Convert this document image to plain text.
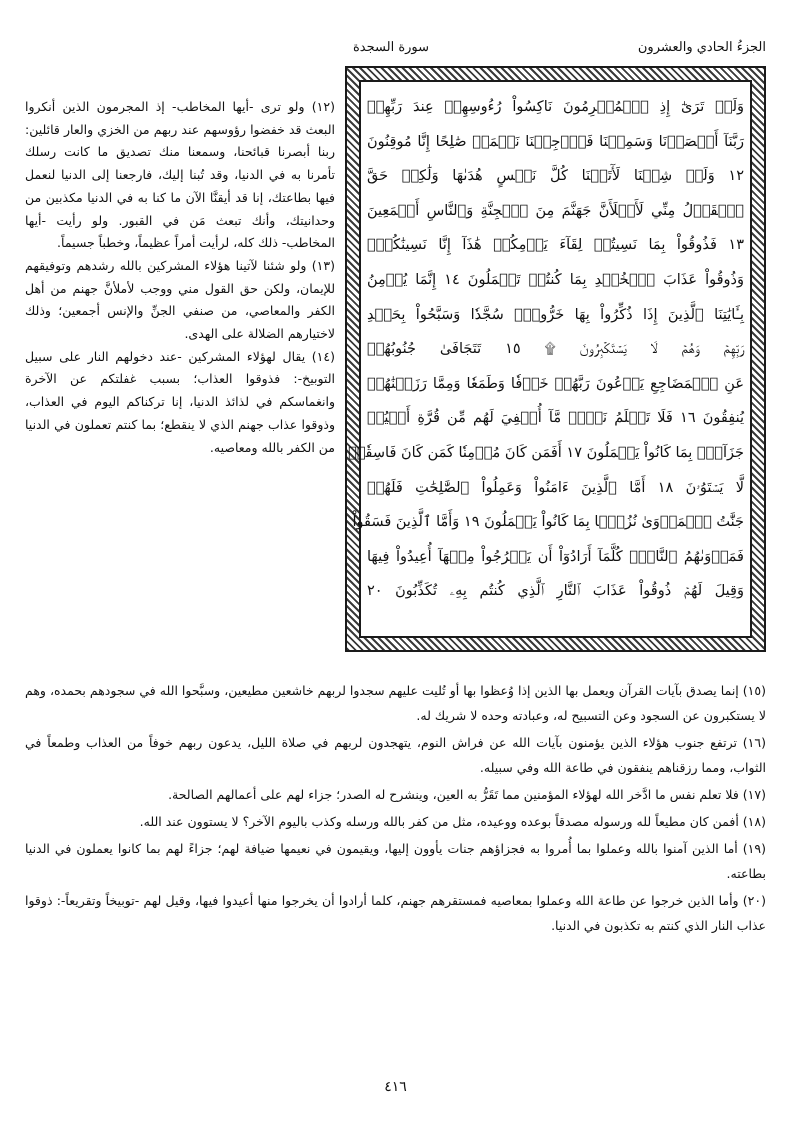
الجزءُ الحادي والعشرون
سورة السجدة
وَلَوۡ تَرَىٰٓ إِذِ ٱلۡمُجۡرِمُونَ نَاكِسُواْ رُءُوسِهِمۡ عِندَ رَبِّهِمۡ
رَبَّنَآ أَبۡصَرۡنَا وَسَمِعۡنَا فَٱرۡجِعۡنَا نَعۡمَلۡ صَٰلِحًا إِنَّا مُوقِنُونَ
١٢ وَلَوۡ شِئۡنَا لَأٓتَيۡنَا كُلَّ نَفۡسٍ هُدَىٰهَا وَلَٰكِنۡ حَقَّ
ٱلۡقَوۡلُ مِنِّي لَأَمۡلَأَنَّ جَهَنَّمَ مِنَ ٱلۡجِنَّةِ وَٱلنَّاسِ أَجۡمَعِينَ
١٣ فَذُوقُواْ بِمَا نَسِيتُمۡ لِقَآءَ يَوۡمِكُمۡ هَٰذَآ إِنَّا نَسِينَٰكُمۡۖ
وَذُوقُواْ عَذَابَ ٱلۡخُلۡدِ بِمَا كُنتُمۡ تَعۡمَلُونَ ١٤ إِنَّمَا يُؤۡمِنُ
بِـَٔايَٰتِنَا ٱلَّذِينَ إِذَا ذُكِّرُواْ بِهَا خَرُّواْۤ سُجَّدٗا وَسَبَّحُواْ بِحَمۡدِ
رَبِّهِمۡ وَهُمۡ لَا يَسۡتَكۡبِرُونَ ۩ ١٥ تَتَجَافَىٰ جُنُوبُهُمۡ
عَنِ ٱلۡمَضَاجِعِ يَدۡعُونَ رَبَّهُمۡ خَوۡفٗا وَطَمَعٗا وَمِمَّا رَزَقۡنَٰهُمۡ
يُنفِقُونَ ١٦ فَلَا تَعۡلَمُ نَفۡسٞ مَّآ أُخۡفِيَ لَهُم مِّن قُرَّةِ أَعۡيُنٖ
جَزَآءَۢ بِمَا كَانُواْ يَعۡمَلُونَ ١٧ أَفَمَن كَانَ مُؤۡمِنٗا كَمَن كَانَ فَاسِقٗاۚ
لَّا يَسۡتَوُۥنَ ١٨ أَمَّا ٱلَّذِينَ ءَامَنُواْ وَعَمِلُواْ ٱلصَّٰلِحَٰتِ فَلَهُمۡ
جَنَّٰتُ ٱلۡمَأۡوَىٰ نُزُلَۢا بِمَا كَانُواْ يَعۡمَلُونَ ١٩ وَأَمَّا ٱلَّذِينَ فَسَقُواْ
فَمَأۡوَىٰهُمُ ٱلنَّارُۖ كُلَّمَآ أَرَادُوٓاْ أَن يَخۡرُجُواْ مِنۡهَآ أُعِيدُواْ فِيهَا
وَقِيلَ لَهُمۡ ذُوقُواْ عَذَابَ ٱلنَّارِ ٱلَّذِي كُنتُم بِهِۦ تُكَذِّبُونَ ٢٠

(١٢) ولو ترى -أيها المخاطب- إذ المجرمون الذين أنكروا البعث قد خفضوا رؤوسهم عند ربهم من الخزي والعار قائلين: ربنا أبصرنا قبائحنا، وسمعنا منك تصديق ما كانت رسلك تأمرنا به في الدنيا، وقد تُبنا إليك، فارجعنا إلى الدنيا لنعمل فيها بطاعتك، إنا قد أيقنَّا الآن ما كنا به في الدنيا مكذبين من وحدانيتك، وأنك تبعث مَن في القبور. ولو رأيت -أيها المخاطب- ذلك كله، لرأيت أمراً عظيماً، وخطباً جسيماً.

(١٣) ولو شئنا لآتينا هؤلاء المشركين بالله رشدهم وتوفيقهم للإيمان، ولكن حق القول مني ووجب لأملأنَّ جهنم من أهل الكفر والمعاصي، من صنفي الجنِّ والإنس أجمعين؛ وذلك لاختيارهم الضلالة على الهدى.

(١٤) يقال لهؤلاء المشركين -عند دخولهم النار على سبيل التوبيخ-: فذوقوا العذاب؛ بسبب غفلتكم عن الآخرة وانغماسكم في لذائذ الدنيا، إنا تركناكم اليوم في العذاب، وذوقوا عذاب جهنم الذي لا ينقطع؛ بما كنتم تعملون في الدنيا من الكفر بالله ومعاصيه.

(١٥) إنما يصدق بآيات القرآن ويعمل بها الذين إذا وُعظوا بها أو تُليت عليهم سجدوا لربهم خاشعين مطيعين، وسبَّحوا الله في سجودهم بحمده، وهم لا يستكبرون عن السجود وعن التسبيح له، وعبادته وحده لا شريك له.

(١٦) ترتفع جنوب هؤلاء الذين يؤمنون بآيات الله عن فراش النوم، يتهجدون لربهم في صلاة الليل، يدعون ربهم خوفاً من العذاب وطمعاً في الثواب، ومما رزقناهم ينفقون في طاعة الله وفي سبيله.

(١٧) فلا تعلم نفس ما ادَّخر الله لهؤلاء المؤمنين مما تَقَرُّ به العين، وينشرح له الصدر؛ جزاء لهم على أعمالهم الصالحة.

(١٨) أفمن كان مطيعاً لله ورسوله مصدقاً بوعده ووعيده، مثل من كفر بالله ورسله وكذب باليوم الآخر؟ لا يستوون عند الله.

(١٩) أما الذين آمنوا بالله وعملوا بما أُمروا به فجزاؤهم جنات يأوون إليها، ويقيمون في نعيمها ضيافة لهم؛ جزاءً لهم بما كانوا يعملون في الدنيا بطاعته.

(٢٠) وأما الذين خرجوا عن طاعة الله وعملوا بمعاصيه فمستقرهم جهنم، كلما أرادوا أن يخرجوا منها أعيدوا فيها، وقيل لهم -توبيخاً وتقريعاً-: ذوقوا عذاب النار الذي كنتم به تكذبون في الدنيا.

٤١٦
